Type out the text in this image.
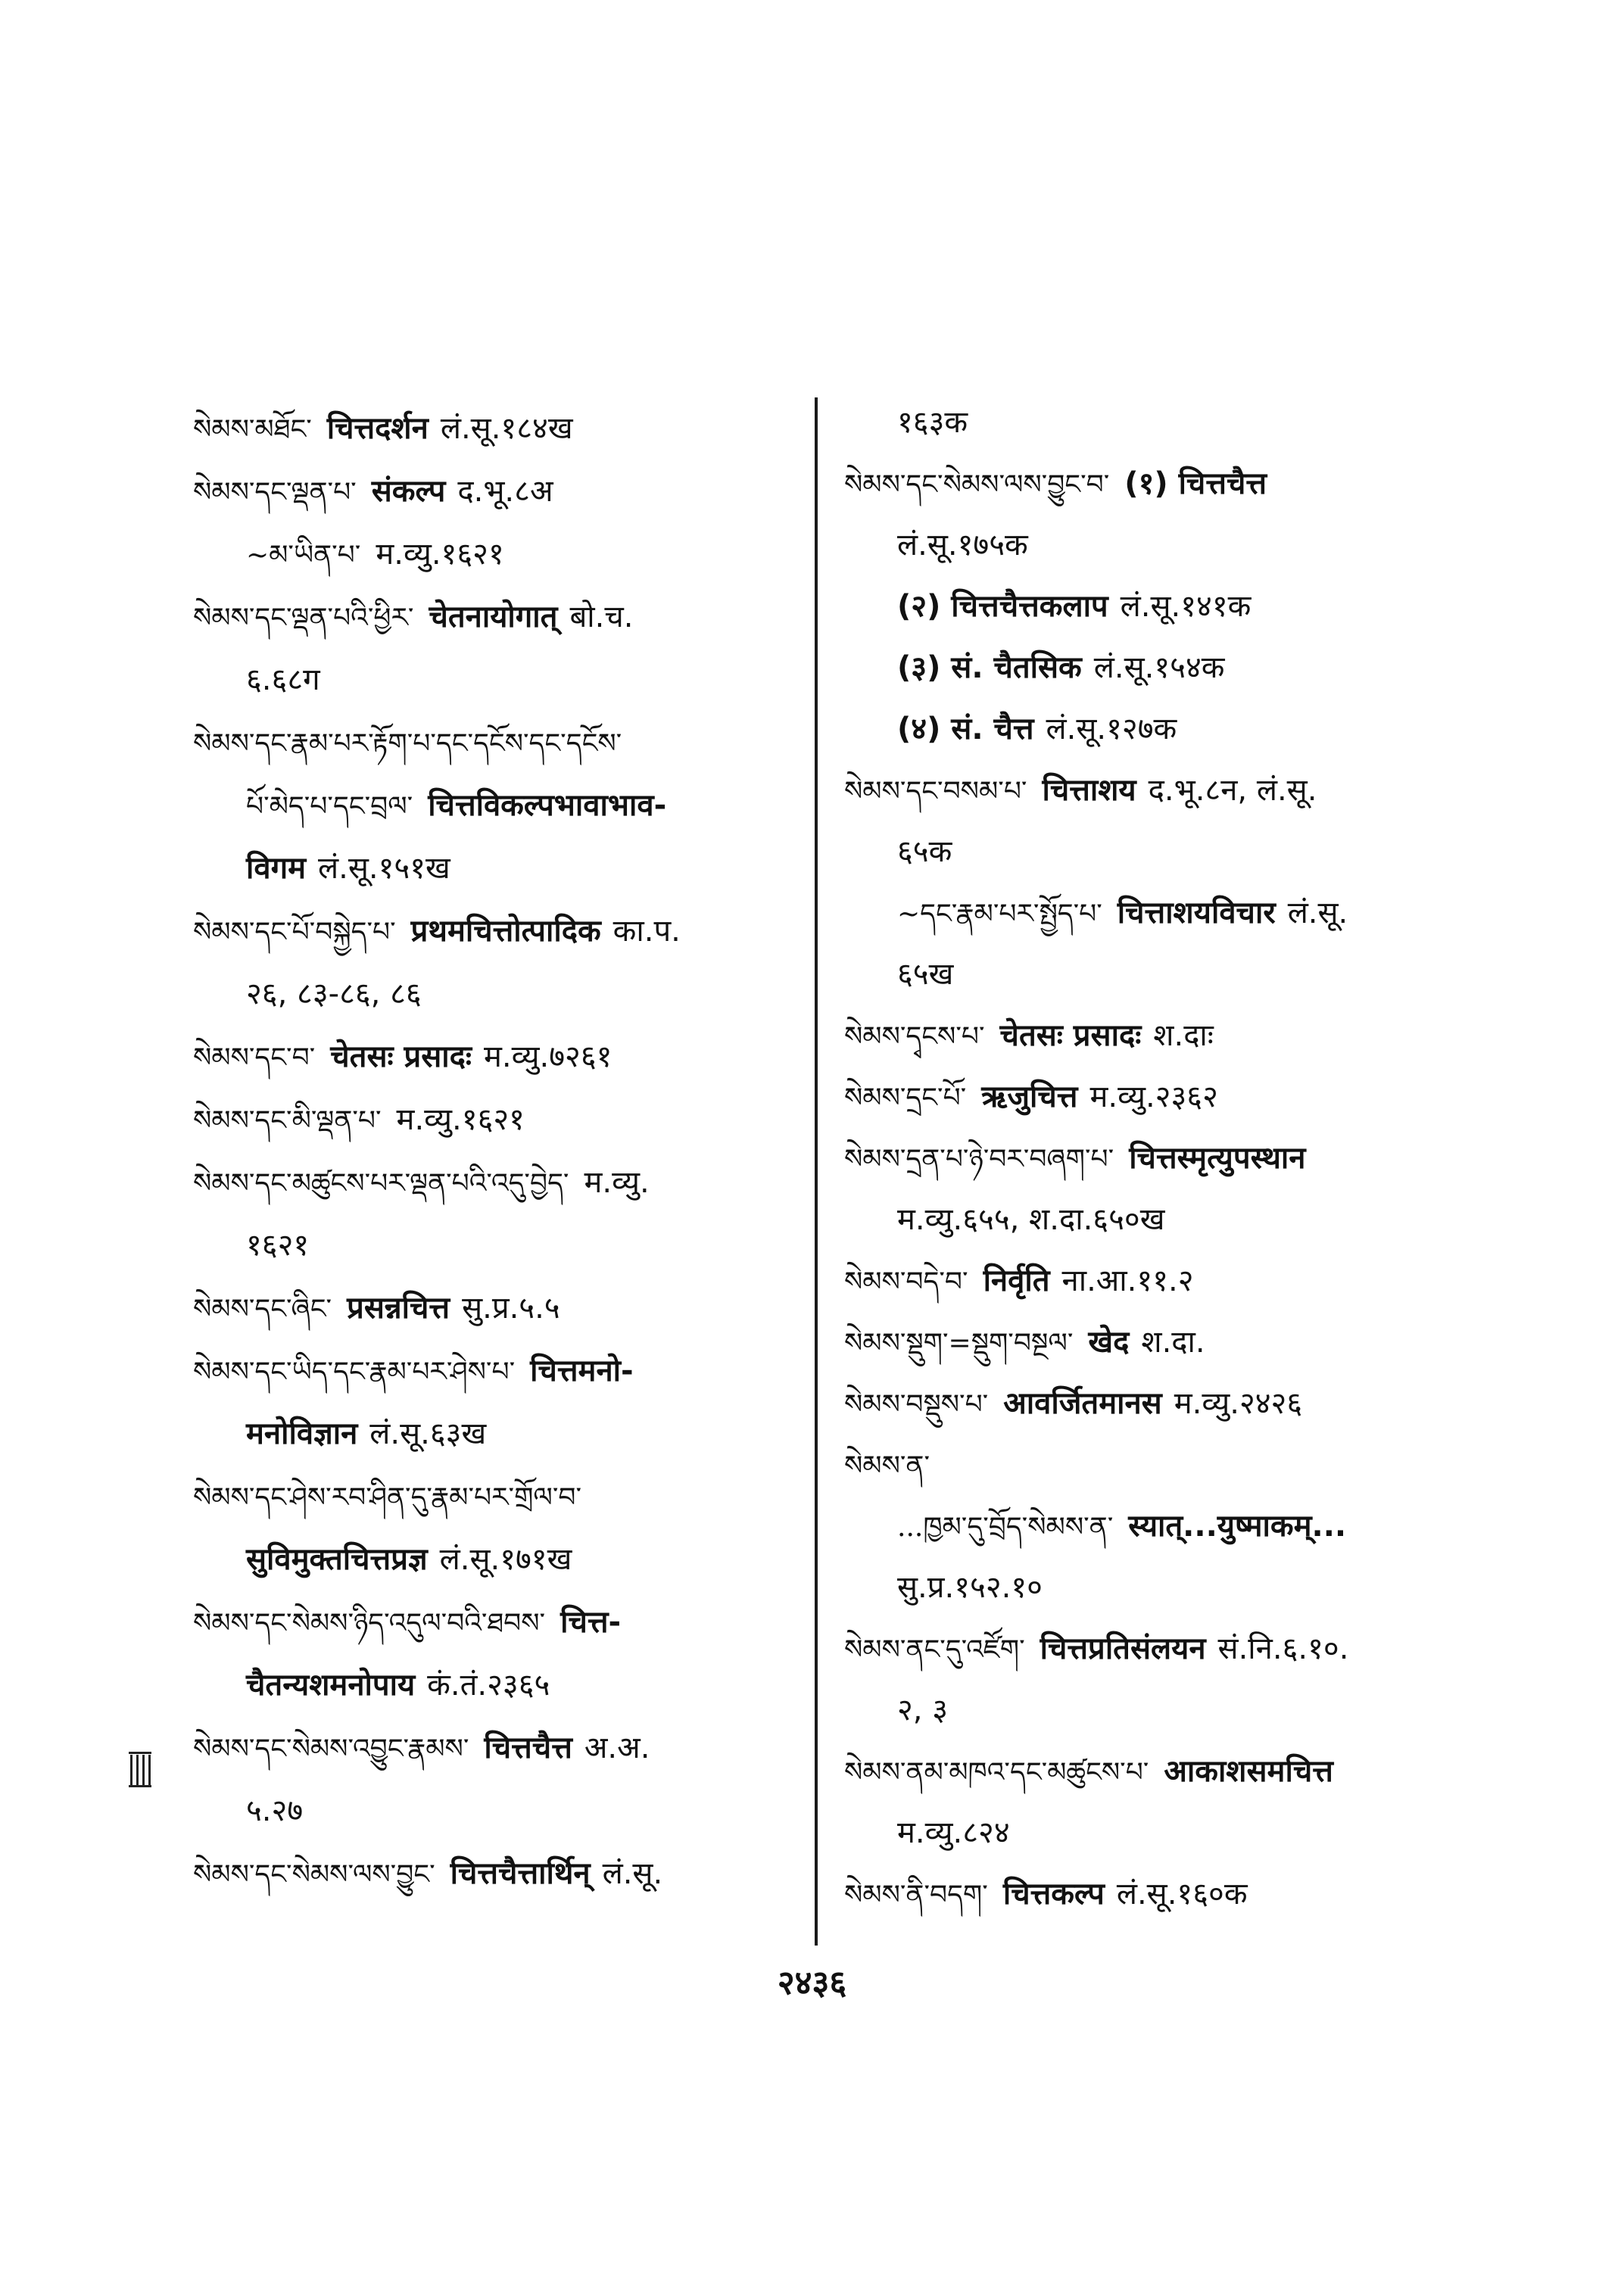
སེམས་མཐོང་ चित्तदर्शन लं.सू.१८४ख
སེམས་དང་ལྡན་པ་ संकल्प द.भू.८अ
~མ་ཡིན་པ་ म.व्यु.१६२१
སེམས་དང་ལྡན་པའི་ཕྱིར་ चेतनायोगात् बो.च.
६.६८ग
སེམས་དང་རྣམ་པར་རྟོག་པ་དང་དངོས་དང་དངོས་
པོ་མེད་པ་དང་བྲལ་ चित्तविकल्पभावाभाव-
विगम लं.सू.१५१ख
སེམས་དང་པོ་བསྐྱེད་པ་ प्रथमचित्तोत्पादिक का.प.
२६, ८३-८६, ८६
སེམས་དང་བ་ चेतसः प्रसादः म.व्यु.७२६१
སེམས་དང་མི་ལྡན་པ་ म.व्यु.१६२१
སེམས་དང་མཚུངས་པར་ལྡན་པའི་འདུ་བྱེད་ म.व्यु.
१६२१
སེམས་དང་ཞིང་ प्रसन्नचित्त सु.प्र.५.५
སེམས་དང་ཡིད་དང་རྣམ་པར་ཤེས་པ་ चित्तमनो-
मनोविज्ञान लं.सू.६३ख
སེམས་དང་ཤེས་རབ་ཤིན་དུ་རྣམ་པར་གྲོལ་བ་
सुविमुक्तचित्तप्रज्ञ लं.सू.१७१ख
སེམས་དང་སེམས་ཉིད་འདུལ་བའི་ཐབས་ चित्त-
चैतन्यशमनोपाय कं.तं.२३६५
སེམས་དང་སེམས་འབྱུང་རྣམས་ चित्तचैत्त अ.अ.
५.२७
སེམས་དང་སེམས་ལས་བྱུང་ चित्तचैत्तार्थिन् लं.सू.
१६३क
སེམས་དང་སེམས་ལས་བྱུང་བ་ (१) चित्तचैत्त
लं.सू.१७५क
(२) चित्तचैत्तकलाप लं.सू.१४१क
(३) सं. चैतसिक लं.सू.१५४क
(४) सं. चैत्त लं.सू.१२७क
སེམས་དང་བསམ་པ་ चित्ताशय द.भू.८न, लं.सू.
६५क
~དང་རྣམ་པར་སྤྱོད་པ་ चित्ताशयविचार लं.सू.
६५ख
སེམས་དྭངས་པ་ चेतसः प्रसादः श.दाः
སེམས་དྲང་པོ་ ऋजुचित्त म.व्यु.२३६२
སེམས་དྲན་པ་ཉེ་བར་བཞག་པ་ चित्तस्मृत्युपस्थान
म.व्यु.६५५, श.दा.६५०ख
སེམས་བདེ་བ་ निर्वृति ना.आ.११.२
སེམས་སྡུག་=སྡུག་བསྔལ་ खेद श.दा.
སེམས་བསྡུས་པ་ आवर्जितमानस म.व्यु.२४२६
སེམས་ན་
...ཁྱམ་དུ་བྲོད་སེམས་ན་ स्यात्...युष्माकम्...
सु.प्र.१५२.१०
སེམས་ནང་དུ་འཛོག་ चित्तप्रतिसंलयन सं.नि.६.१०.
२, ३
སེམས་ནམ་མཁའ་དང་མཚུངས་པ་ आकाशसमचित्त
म.व्यु.८२४
སེམས་ནི་བདག་ चित्तकल्प लं.सू.१६०क
२४३६
